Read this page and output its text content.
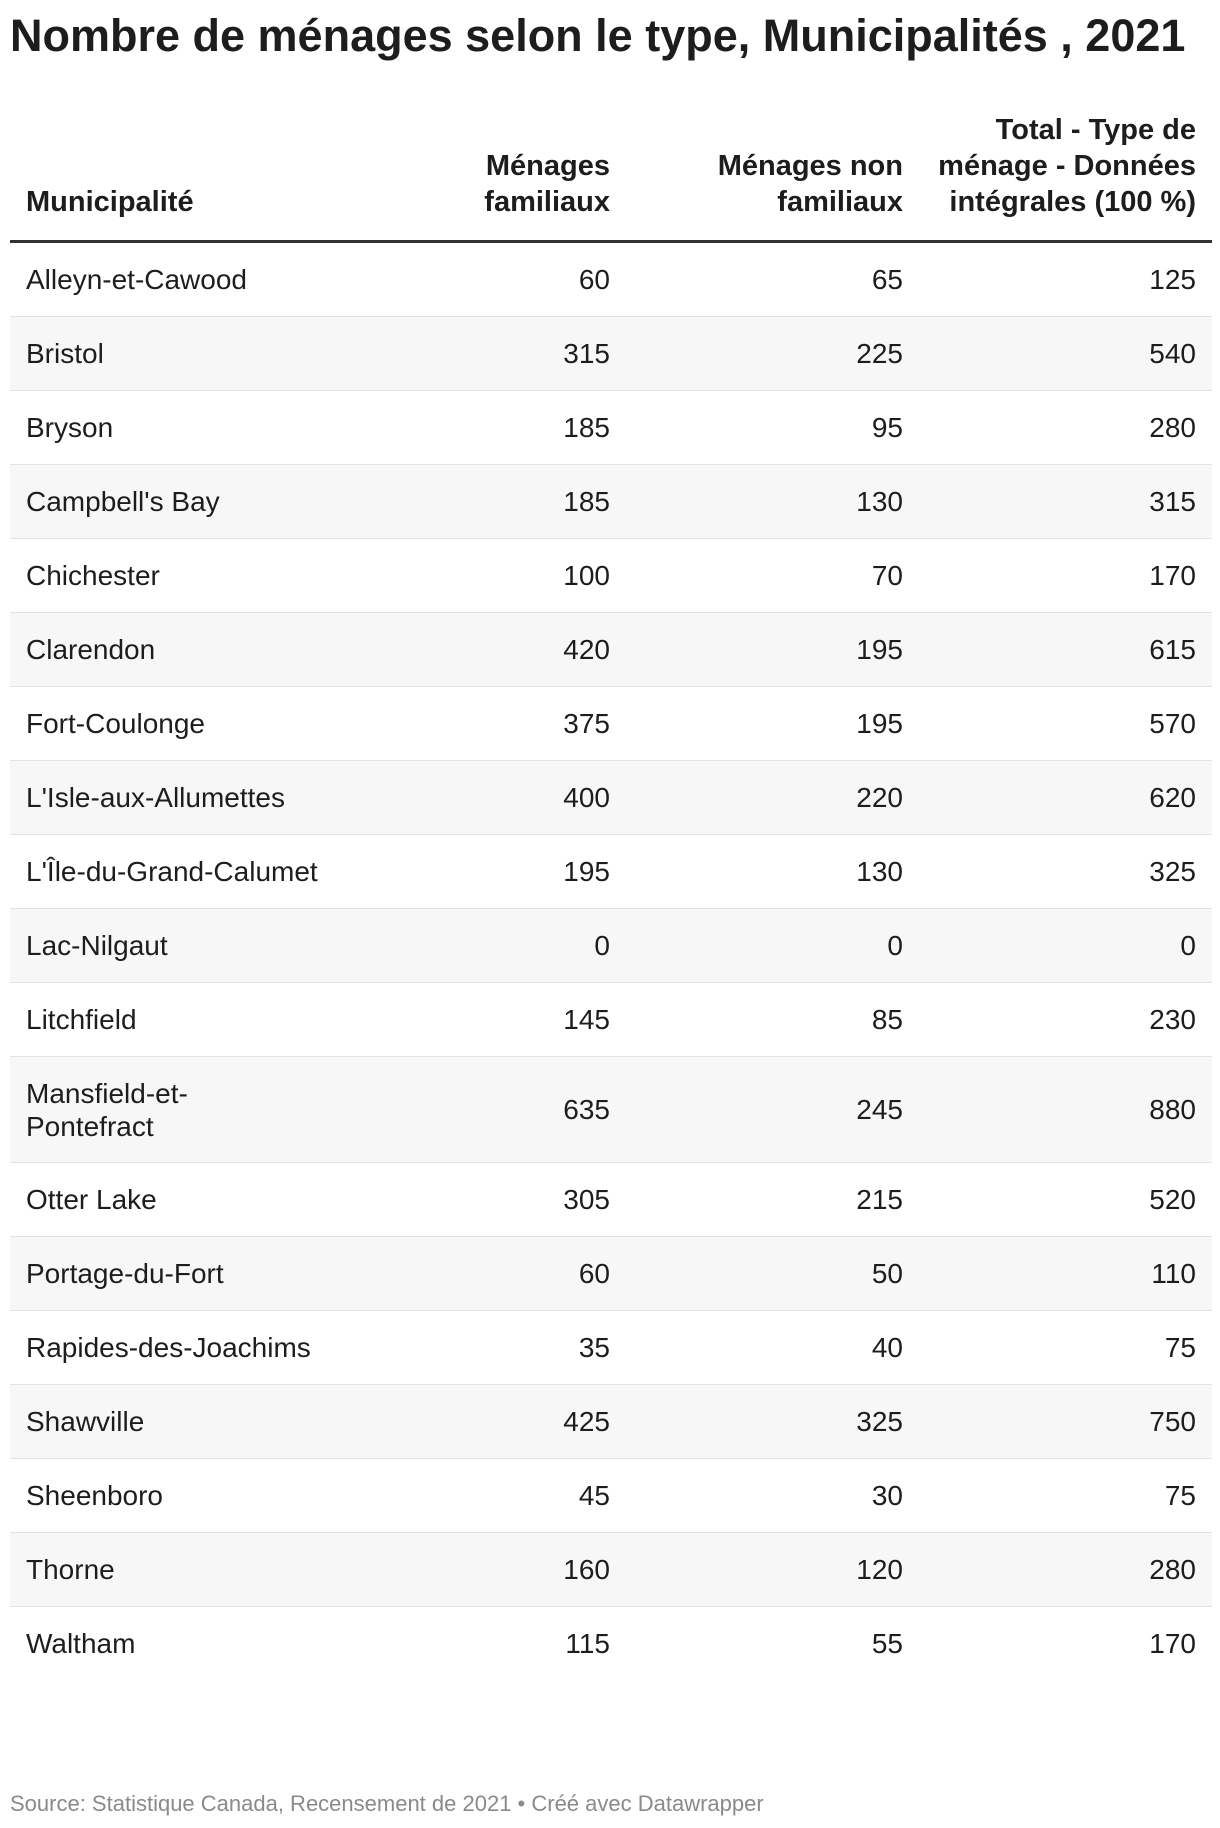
Nombre de ménages selon le type, Municipalités , 2021
Municipalité	Ménages familiaux	Ménages non familiaux	Total - Type de ménage - Données intégrales (100 %)
Alleyn-et-Cawood	60	65	125
Bristol	315	225	540
Bryson	185	95	280
Campbell's Bay	185	130	315
Chichester	100	70	170
Clarendon	420	195	615
Fort-Coulonge	375	195	570
L'Isle-aux-Allumettes	400	220	620
L'Île-du-Grand-Calumet	195	130	325
Lac-Nilgaut	0	0	0
Litchfield	145	85	230
Mansfield-et-Pontefract	635	245	880
Otter Lake	305	215	520
Portage-du-Fort	60	50	110
Rapides-des-Joachims	35	40	75
Shawville	425	325	750
Sheenboro	45	30	75
Thorne	160	120	280
Waltham	115	55	170
Source: Statistique Canada, Recensement de 2021 • Créé avec Datawrapper
